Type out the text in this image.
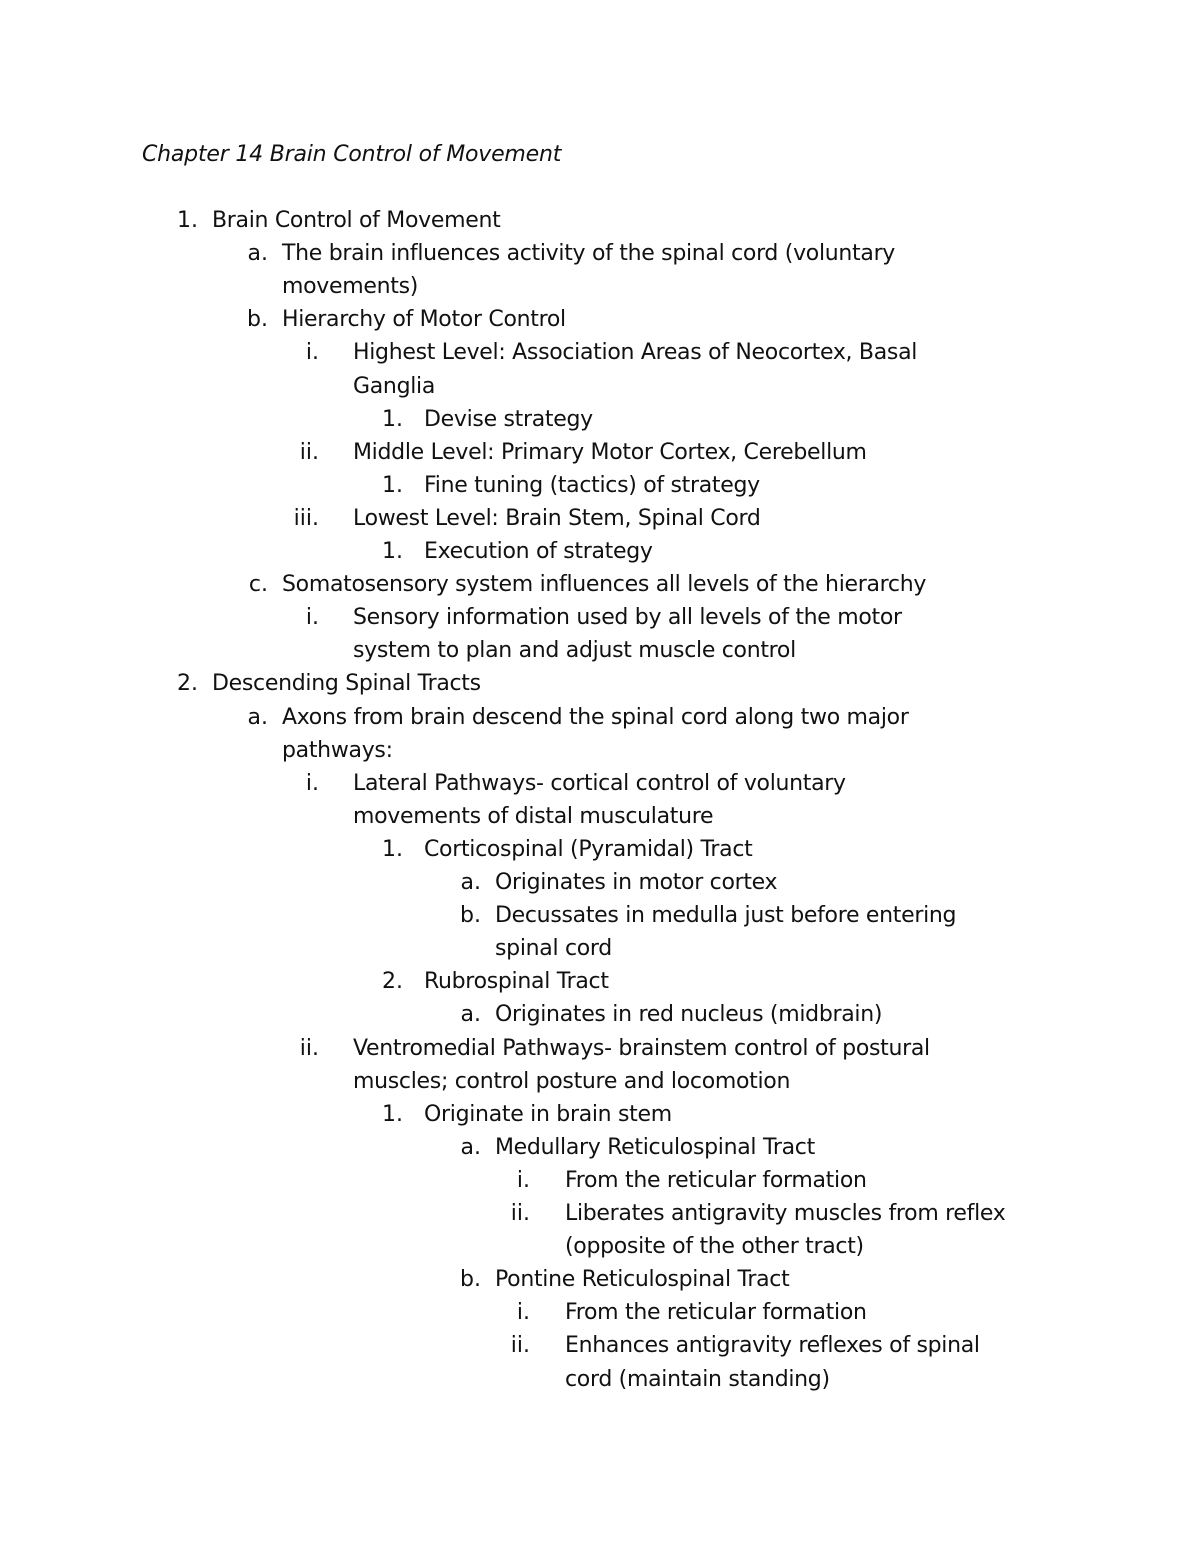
Chapter 14 Brain Control of Movement
1. Brain Control of Movement
a. The brain influences activity of the spinal cord (voluntary
movements)
b. Hierarchy of Motor Control
i. Highest Level: Association Areas of Neocortex, Basal
Ganglia
1. Devise strategy
ii. Middle Level: Primary Motor Cortex, Cerebellum
1. Fine tuning (tactics) of strategy
iii. Lowest Level: Brain Stem, Spinal Cord
1. Execution of strategy
c. Somatosensory system influences all levels of the hierarchy
i. Sensory information used by all levels of the motor
system to plan and adjust muscle control
2. Descending Spinal Tracts
a. Axons from brain descend the spinal cord along two major
pathways:
i. Lateral Pathways- cortical control of voluntary
movements of distal musculature
1. Corticospinal (Pyramidal) Tract
a. Originates in motor cortex
b. Decussates in medulla just before entering
spinal cord
2. Rubrospinal Tract
a. Originates in red nucleus (midbrain)
ii. Ventromedial Pathways- brainstem control of postural
muscles; control posture and locomotion
1. Originate in brain stem
a. Medullary Reticulospinal Tract
i. From the reticular formation
ii. Liberates antigravity muscles from reflex
(opposite of the other tract)
b. Pontine Reticulospinal Tract
i. From the reticular formation
ii. Enhances antigravity reflexes of spinal
cord (maintain standing)
